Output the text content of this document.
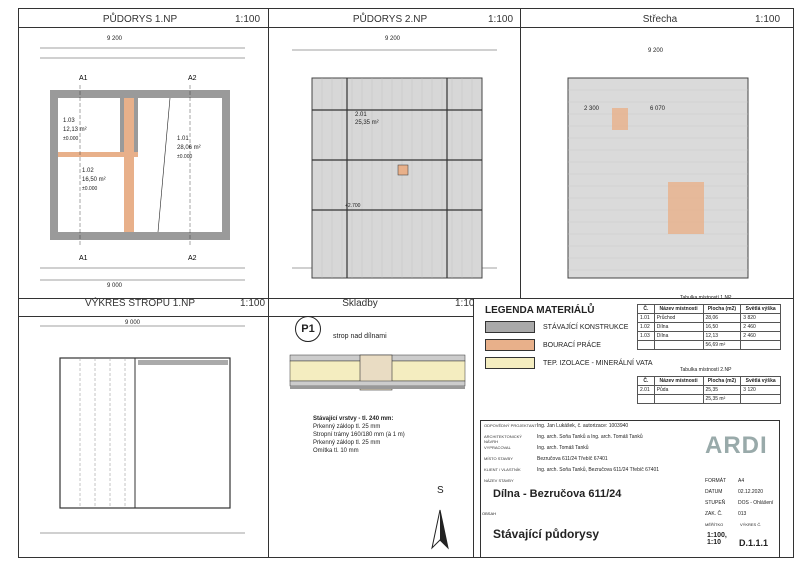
PŮDORYS 1.NP	1:100	PŮDORYS 2.NP	1:100	Střecha	1:100
VÝKRES STROPU 1.NP	1:100	Skladby	1:10
A1	A2
A1	A2
9 200
1.03
12,13 m²
±0.000
1.02
16,50 m²
±0.000
1.01
28,06 m²
±0.000
9 000
9 200
2.01
25,35 m²
+2.700
9 200
2 300	6 070
9 000	P1
strop nad dílnami
Stávající vrstvy - tl. 240 mm:
Prkenný záklop tl. 25 mm
Stropní trámy 160/180 mm (à 1 m)
Prkenný záklop tl. 25 mm
Omítka tl. 10 mm
LEGENDA MATERIÁLŮ
STÁVAJÍCÍ KONSTRUKCE
BOURACÍ PRÁCE
TEP. IZOLACE - MINERÁLNÍ VATA
Tabulka místností 1.NP
Č.	Název místnosti	Plocha (m2)	Světlá výška
1.01	Průchod	28,06	3 820
1.02	Dílna	16,50	2 460
1.03	Dílna	12,13	2 460
		56,69 m²	
Tabulka místností 2.NP
Č.	Název místnosti	Plocha (m2)	Světlá výška
2.01	Půda	25,35	3 120
		25,35 m²	
ODPOVĚDNÝ PROJEKTANT Ing. Jan Lukášek, č. autorizace: 1003940
ARCHITEKTONICKÝ NÁVRH
Ing. arch. Soňa Tanků a Ing. arch. Tomáš Tanků
VYPRACOVAL	Ing. arch. Tomáš Tanků
MÍSTO STAVBY	Bezručova 611/24 Třebíč 67401
KLIENT / VLASTNÍK	Ing. arch. Soňa Tanků, Bezručova 611/24 Třebíč 67401
NÁZEV STAVBY
ARDI
Dílna - Bezručova 611/24
OBSAH
Stávající půdorysy
FORMÁT A4
DATUM	02.12.2020
STUPEŇ	DOS - Ohlášení
ZAK. Č.	013
MĚŘÍTKO
1:100,
1:10
VÝKRES Č.
D.1.1.1
S
